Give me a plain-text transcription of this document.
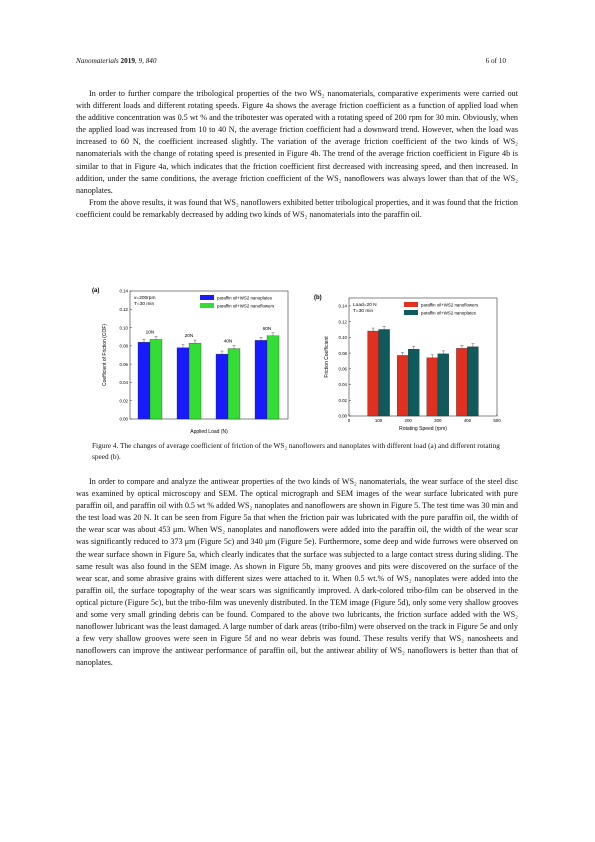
Nanomaterials 2019, 9, 840	6 of 10

In order to further compare the tribological properties of the two WS₂ nanomaterials, comparative experiments were carried out with different loads and different rotating speeds. Figure 4a shows the average friction coefficient as a function of applied load when the additive concentration was 0.5 wt % and the tribotester was operated with a rotating speed of 200 rpm for 30 min. Obviously, when the applied load was increased from 10 to 40 N, the average friction coefficient had a downward trend. However, when the load was increased to 60 N, the coefficient increased slightly. The variation of the average friction coefficient of the two kinds of WS₂ nanomaterials with the change of rotating speed is presented in Figure 4b. The trend of the average friction coefficient in Figure 4b is similar to that in Figure 4a, which indicates that the friction coefficient first decreased with increasing speed, and then increased. In addition, under the same conditions, the average friction coefficient of the WS₂ nanoflowers was always lower than that of the WS₂ nanoplates.

From the above results, it was found that WS₂ nanoflowers exhibited better tribological properties, and it was found that the friction coefficient could be remarkably decreased by adding two kinds of WS₂ nanomaterials into the paraffin oil.

(a)
0.00
0.02
0.04
0.06
0.08
0.10
0.12
0.14
Coefficient of Friction (COF)
Applied Load (N)
v=200rpm
T=30 min
paraffin oil+WS2 nanoplates
paraffin oil+WS2 nanoflowers
10N
20N
40N
60N
(b)
0.00
0.02
0.04
0.06
0.08
0.10
0.12
0.14
Friction Coefficient
Rotating Speed (rpm)
Load=20 N
T=30 min
paraffin oil+WS2 nanoflowers
paraffin oil+WS2 nanoplates
0	100	200	300	400	500
Figure 4. The changes of average coefficient of friction of the WS₂ nanoflowers and nanoplates with different load (a) and different rotating speed (b).

In order to compare and analyze the antiwear properties of the two kinds of WS₂ nanomaterials, the wear surface of the steel disc was examined by optical microscopy and SEM. The optical micrograph and SEM images of the wear surface lubricated with pure paraffin oil, and paraffin oil with 0.5 wt % added WS₂ nanoplates and nanoflowers are shown in Figure 5. The test time was 30 min and the test load was 20 N. It can be seen from Figure 5a that when the friction pair was lubricated with the pure paraffin oil, the width of the wear scar was about 453 μm. When WS₂ nanoplates and nanoflowers were added into the paraffin oil, the width of the wear scar was significantly reduced to 373 μm (Figure 5c) and 340 μm (Figure 5e). Furthermore, some deep and wide furrows were observed on the wear surface shown in Figure 5a, which clearly indicates that the surface was subjected to a large contact stress during sliding. The same result was also found in the SEM image. As shown in Figure 5b, many grooves and pits were discovered on the surface of the wear scar, and some abrasive grains with different sizes were attached to it. When 0.5 wt.% of WS₂ nanoplates were added into the paraffin oil, the surface topography of the wear scars was significantly improved. A dark-colored tribo-film can be observed in the optical picture (Figure 5c), but the tribo-film was unevenly distributed. In the TEM image (Figure 5d), only some very shallow grooves and some very small grinding debris can be found. Compared to the above two lubricants, the friction surface added with the WS₂ nanoflower lubricant was the least damaged. A large number of dark areas (tribo-film) were observed on the track in Figure 5e and only a few very shallow grooves were seen in Figure 5f and no wear debris was found. These results verify that WS₂ nanosheets and nanoflowers can improve the antiwear performance of paraffin oil, but the antiwear ability of WS₂ nanoflowers is better than that of nanoplates.
